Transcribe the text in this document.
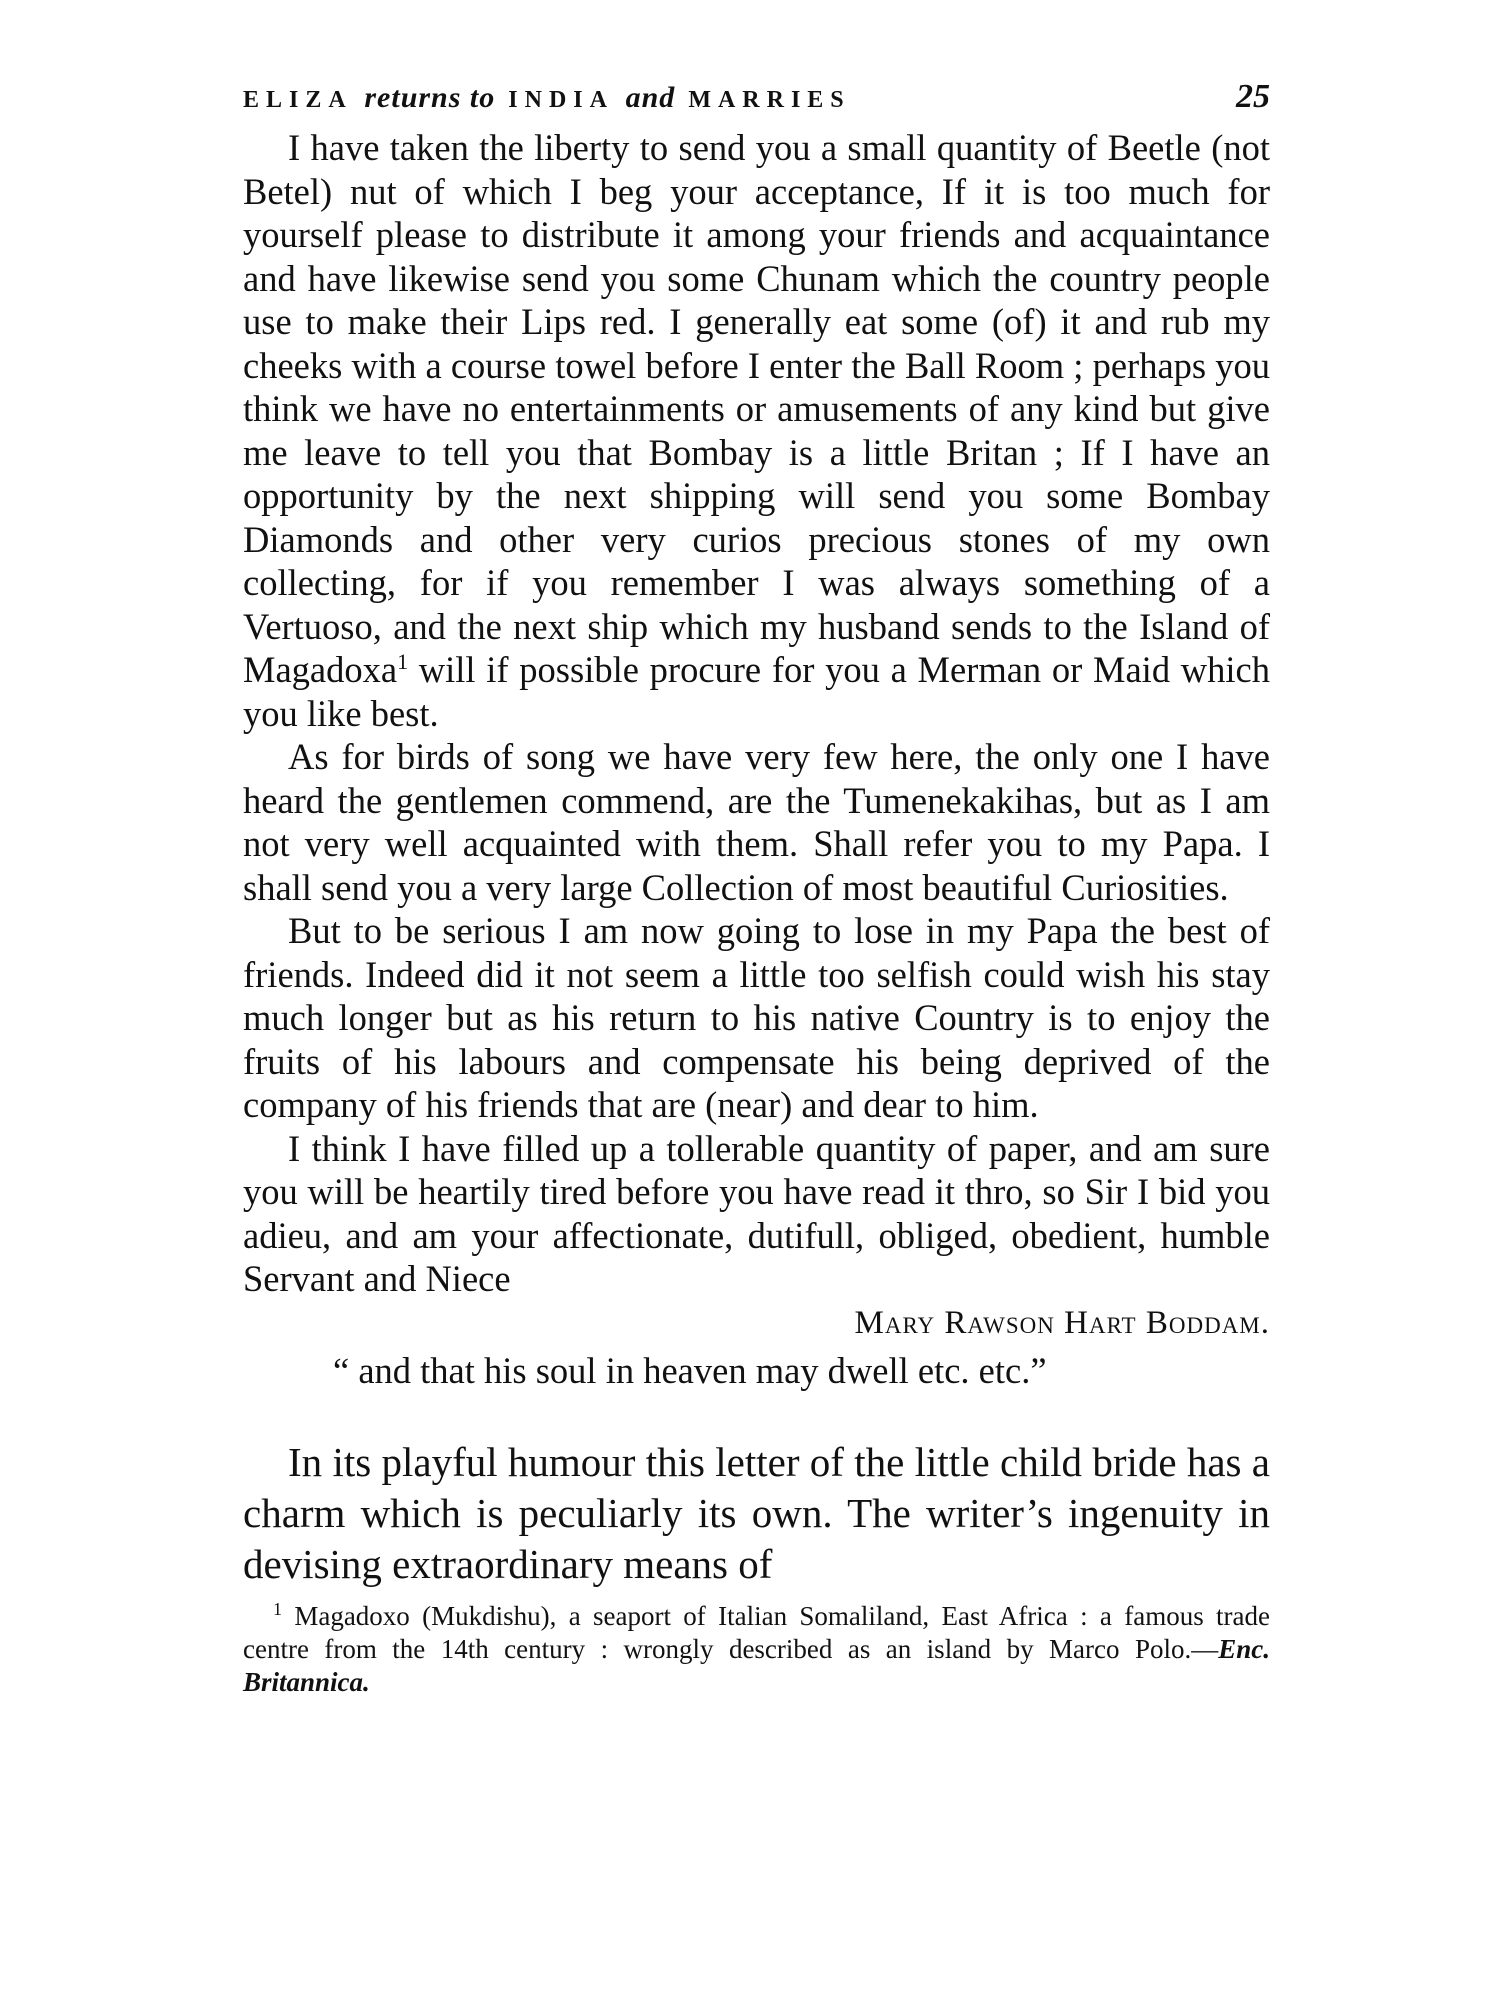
ELIZA returns to INDIA and MARRIES	25

I have taken the liberty to send you a small quantity of Beetle (not Betel) nut of which I beg your acceptance, If it is too much for yourself please to distribute it among your friends and acquaintance and have likewise send you some Chunam which the country people use to make their Lips red. I generally eat some (of) it and rub my cheeks with a course towel before I enter the Ball Room ; perhaps you think we have no entertainments or amusements of any kind but give me leave to tell you that Bombay is a little Britan ; If I have an opportunity by the next shipping will send you some Bombay Diamonds and other very curios precious stones of my own collecting, for if you remember I was always something of a Vertuoso, and the next ship which my husband sends to the Island of Magadoxa$^1$ will if possible procure for you a Merman or Maid which you like best.

As for birds of song we have very few here, the only one I have heard the gentlemen commend, are the Tumenekakihas, but as I am not very well acquainted with them. Shall refer you to my Papa. I shall send you a very large Collection of most beautiful Curiosities.

But to be serious I am now going to lose in my Papa the best of friends. Indeed did it not seem a little too selfish could wish his stay much longer but as his return to his native Country is to enjoy the fruits of his labours and compensate his being deprived of the company of his friends that are (near) and dear to him.

I think I have filled up a tollerable quantity of paper, and am sure you will be heartily tired before you have read it thro, so Sir I bid you adieu, and am your affectionate, dutifull, obliged, obedient, humble Servant and Niece

Mary Rawson Hart Boddam.
“ and that his soul in heaven may dwell etc. etc.”

In its playful humour this letter of the little child bride has a charm which is peculiarly its own. The writer’s ingenuity in devising extraordinary means of

$^1$ Magadoxo (Mukdishu), a seaport of Italian Somaliland, East Africa : a famous trade centre from the 14th century : wrongly described as an island by Marco Polo.—Enc. Britannica.
